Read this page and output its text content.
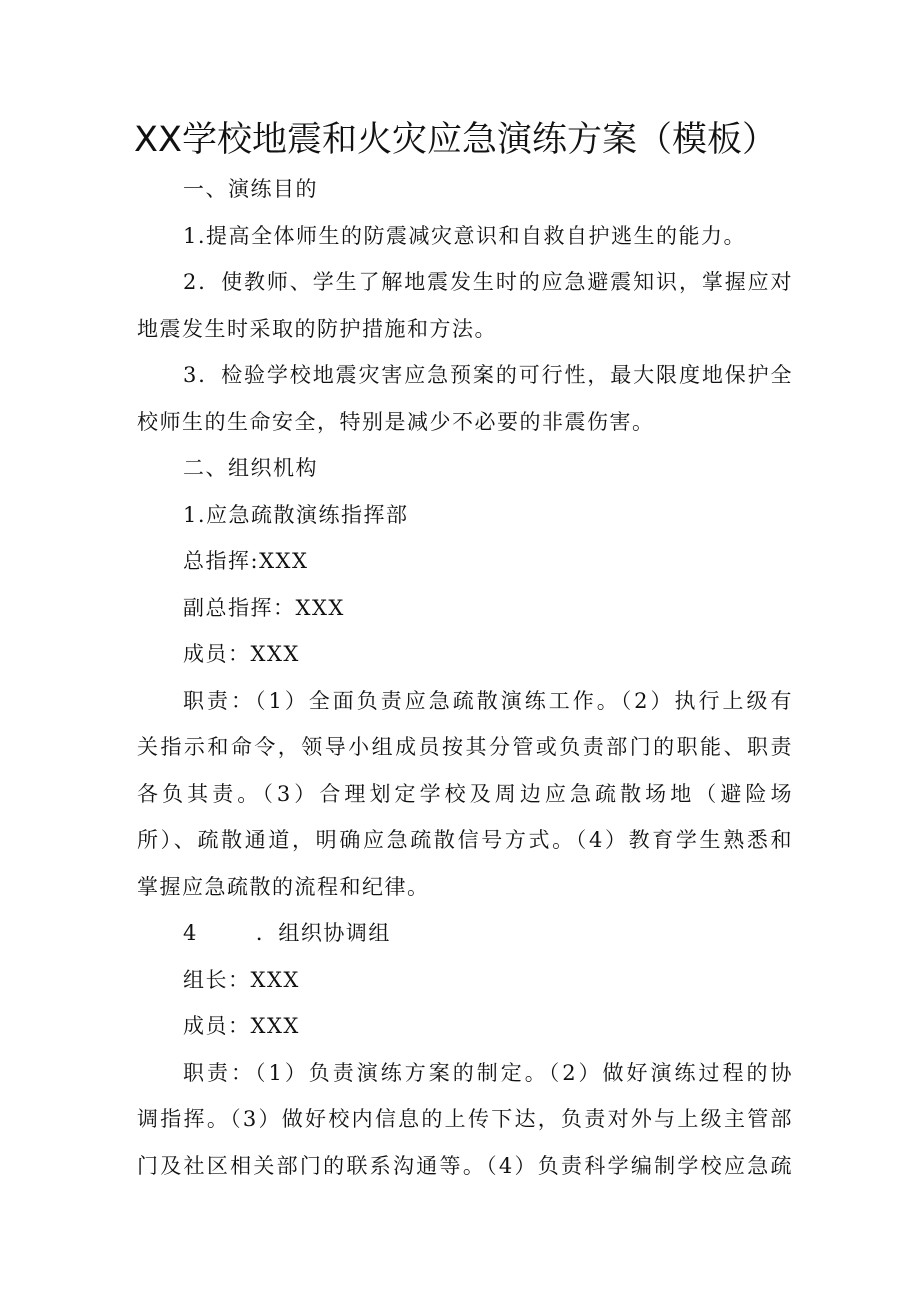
XX学校地震和火灾应急演练方案（模板）
一、演练目的
1.提高全体师生的防震减灾意识和自救自护逃生的能力。
2．使教师、学生了解地震发生时的应急避震知识，掌握应对
地震发生时采取的防护措施和方法。
3．检验学校地震灾害应急预案的可行性，最大限度地保护全
校师生的生命安全，特别是减少不必要的非震伤害。
二、组织机构
1.应急疏散演练指挥部
总指挥:XXX
副总指挥：XXX
成员：XXX
职责：（1）全面负责应急疏散演练工作。（2）执行上级有
关指示和命令，领导小组成员按其分管或负责部门的职能、职责
各负其责。（3）合理划定学校及周边应急疏散场地（避险场
所）、疏散通道，明确应急疏散信号方式。（4）教育学生熟悉和
掌握应急疏散的流程和纪律。
4	．组织协调组
组长：XXX
成员：XXX
职责：（1）负责演练方案的制定。（2）做好演练过程的协
调指挥。（3）做好校内信息的上传下达，负责对外与上级主管部
门及社区相关部门的联系沟通等。（4）负责科学编制学校应急疏
